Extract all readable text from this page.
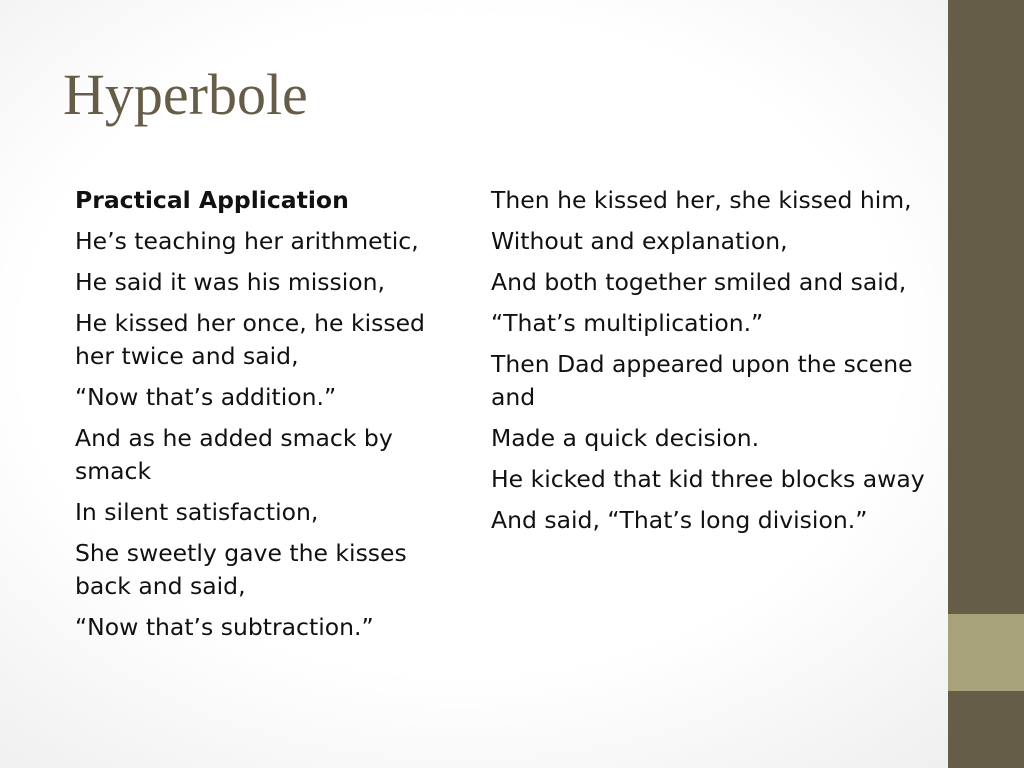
Hyperbole

Practical Application

He’s teaching her arithmetic,

He said it was his mission,

He kissed her once, he kissed her twice and said,

“Now that’s addition.”

And as he added smack by smack

In silent satisfaction,

She sweetly gave the kisses back and said,

“Now that’s subtraction.”

Then he kissed her, she kissed him,

Without and explanation,

And both together smiled and said,

“That’s multiplication.”

Then Dad appeared upon the scene and

Made a quick decision.

He kicked that kid three blocks away

And said, “That’s long division.”
